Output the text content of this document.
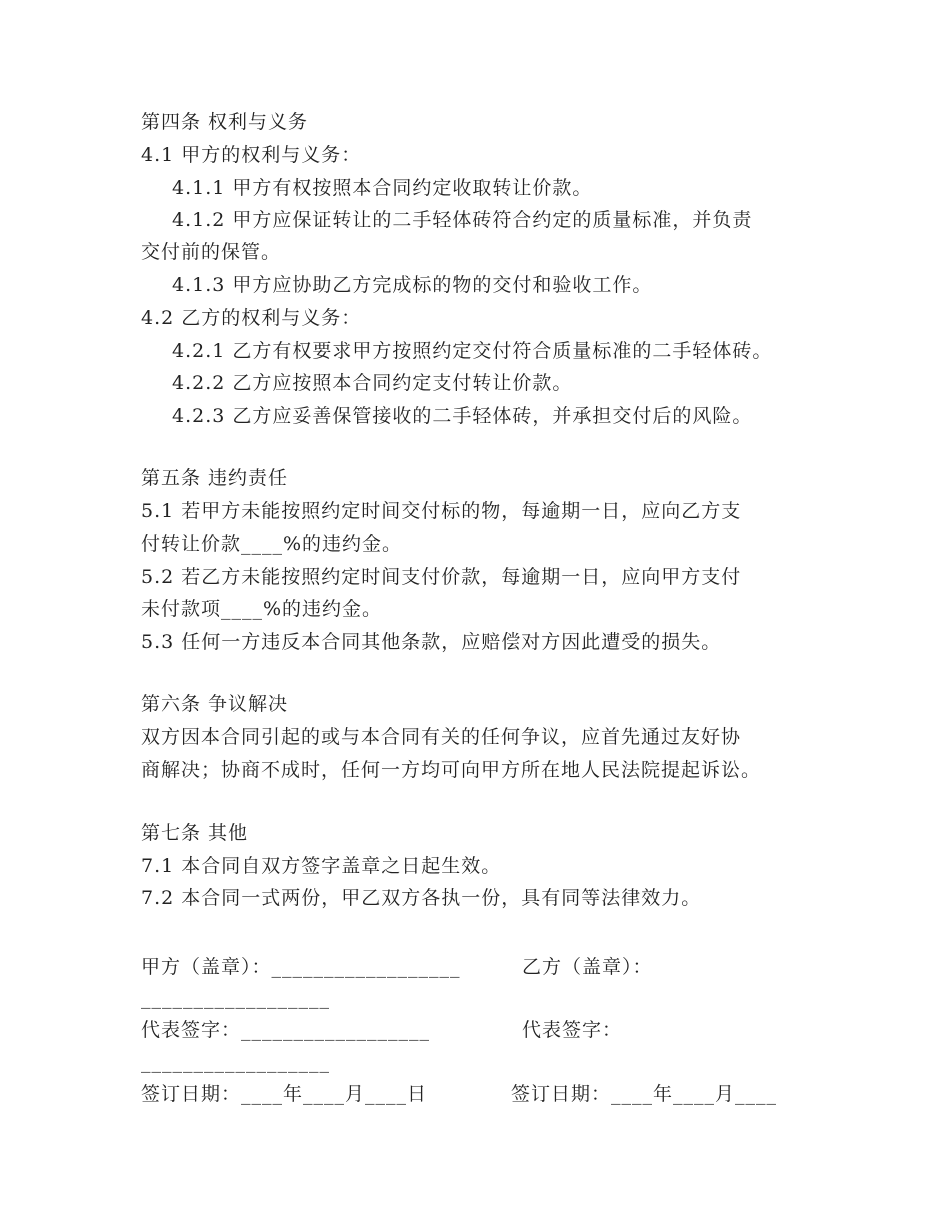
第四条 权利与义务
4.1 甲方的权利与义务：
4.1.1 甲方有权按照本合同约定收取转让价款。
4.1.2 甲方应保证转让的二手轻体砖符合约定的质量标准，并负责
交付前的保管。
4.1.3 甲方应协助乙方完成标的物的交付和验收工作。
4.2 乙方的权利与义务：
4.2.1 乙方有权要求甲方按照约定交付符合质量标准的二手轻体砖。
4.2.2 乙方应按照本合同约定支付转让价款。
4.2.3 乙方应妥善保管接收的二手轻体砖，并承担交付后的风险。
第五条 违约责任
5.1 若甲方未能按照约定时间交付标的物，每逾期一日，应向乙方支
付转让价款____%的违约金。
5.2 若乙方未能按照约定时间支付价款，每逾期一日，应向甲方支付
未付款项____%的违约金。
5.3 任何一方违反本合同其他条款，应赔偿对方因此遭受的损失。
第六条 争议解决
双方因本合同引起的或与本合同有关的任何争议，应首先通过友好协
商解决；协商不成时，任何一方均可向甲方所在地人民法院提起诉讼。
第七条 其他
7.1 本合同自双方签字盖章之日起生效。
7.2 本合同一式两份，甲乙双方各执一份，具有同等法律效力。
甲方（盖章）：__________________	乙方（盖章）：
__________________
代表签字：__________________	代表签字：
__________________
签订日期：____年____月____日	签订日期：____年____月____
